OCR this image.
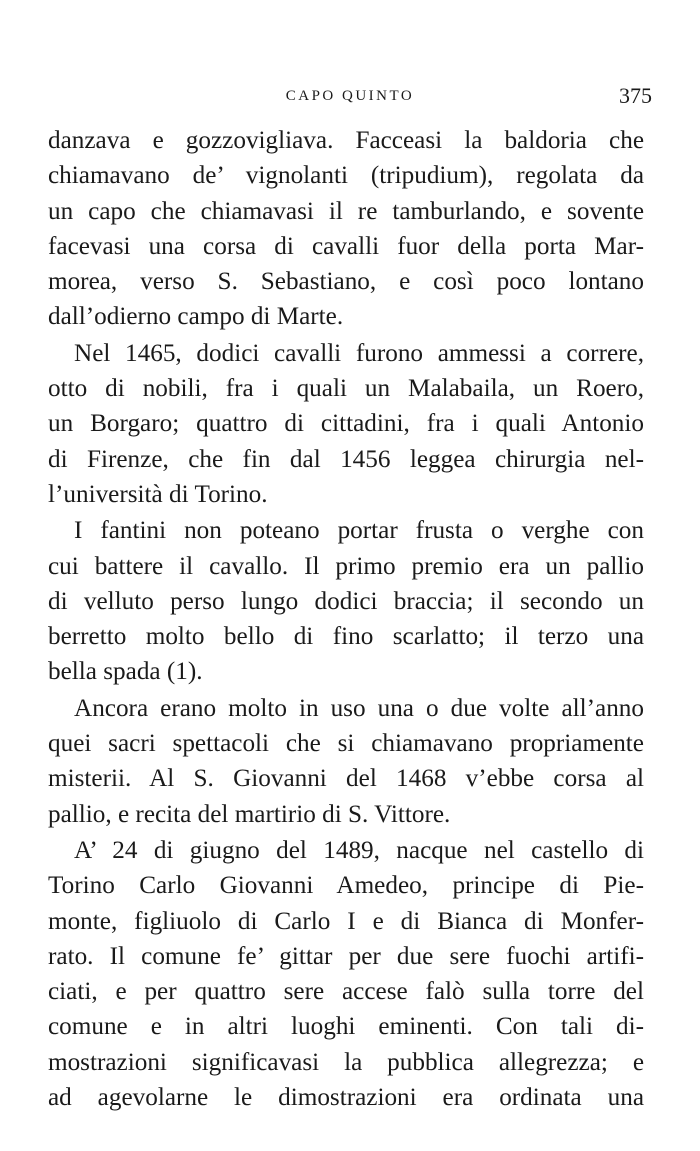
CAPO QUINTO	375

danzava e gozzovigliava. Facceasi la baldoria che
chiamavano de’ vignolanti (tripudium), regolata da
un capo che chiamavasi il re tamburlando, e sovente
facevasi una corsa di cavalli fuor della porta Mar-
morea, verso S. Sebastiano, e così poco lontano
dall’odierno campo di Marte.

Nel 1465, dodici cavalli furono ammessi a correre,
otto di nobili, fra i quali un Malabaila, un Roero,
un Borgaro; quattro di cittadini, fra i quali Antonio
di Firenze, che fin dal 1456 leggea chirurgia nel-
l’università di Torino.

I fantini non poteano portar frusta o verghe con
cui battere il cavallo. Il primo premio era un pallio
di velluto perso lungo dodici braccia; il secondo un
berretto molto bello di fino scarlatto; il terzo una
bella spada (1).

Ancora erano molto in uso una o due volte all’anno
quei sacri spettacoli che si chiamavano propriamente
misterii. Al S. Giovanni del 1468 v’ebbe corsa al
pallio, e recita del martirio di S. Vittore.

A’ 24 di giugno del 1489, nacque nel castello di
Torino Carlo Giovanni Amedeo, principe di Pie-
monte, figliuolo di Carlo I e di Bianca di Monfer-
rato. Il comune fe’ gittar per due sere fuochi artifi-
ciati, e per quattro sere accese falò sulla torre del
comune e in altri luoghi eminenti. Con tali di-
mostrazioni significavasi la pubblica allegrezza; e
ad agevolarne le dimostrazioni era ordinata una
